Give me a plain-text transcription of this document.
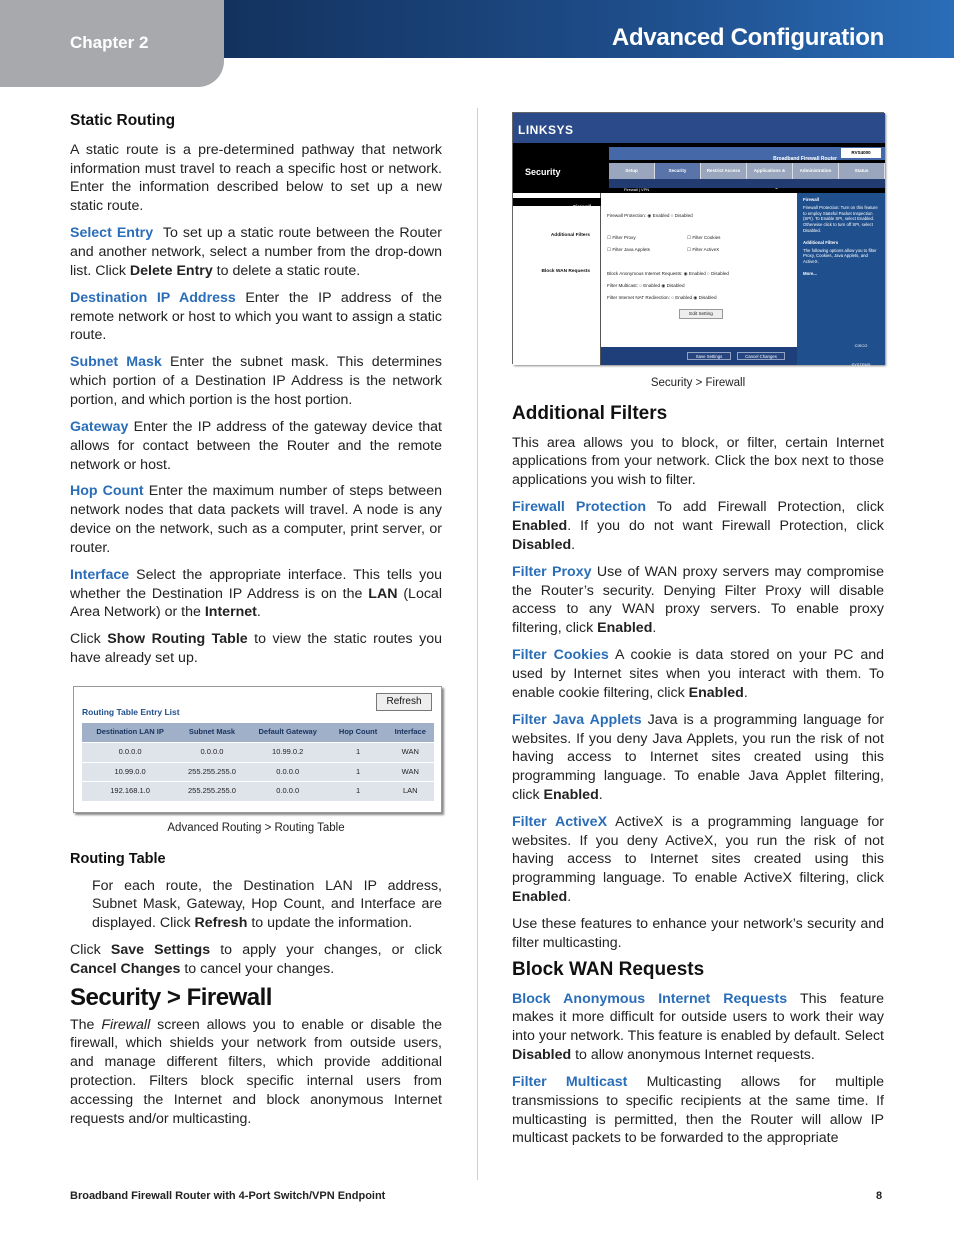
Chapter 2	Advanced Configuration
Static Routing

A static route is a pre-determined pathway that network information must travel to reach a specific host or network. Enter the information described below to set up a new static route.

Select Entry To set up a static route between the Router and another network, select a number from the drop-down list. Click Delete Entry to delete a static route.

Destination IP Address Enter the IP address of the remote network or host to which you want to assign a static route.

Subnet Mask Enter the subnet mask. This determines which portion of a Destination IP Address is the network portion, and which portion is the host portion.

Gateway Enter the IP address of the gateway device that allows for contact between the Router and the remote network or host.

Hop Count Enter the maximum number of steps between network nodes that data packets will travel. A node is any device on the network, such as a computer, print server, or router.

Interface Select the appropriate interface. This tells you whether the Destination IP Address is on the LAN (Local Area Network) or the Internet.

Click Show Routing Table to view the static routes you have already set up.

Routing Table Entry List
Refresh
Destination LAN IP	Subnet Mask	Default Gateway	Hop Count	Interface
0.0.0.0	0.0.0.0	10.99.0.2	1	WAN
10.99.0.0	255.255.255.0	0.0.0.0	1	WAN
192.168.1.0	255.255.255.0	0.0.0.0	1	LAN
Advanced Routing > Routing Table
Routing Table

For each route, the Destination LAN IP address, Subnet Mask, Gateway, Hop Count, and Interface are displayed. Click Refresh to update the information.

Click Save Settings to apply your changes, or click Cancel Changes to cancel your changes.

Security > Firewall

The Firewall screen allows you to enable or disable the firewall, which shields your network from outside users, and manage different filters, which provide additional protection. Filters block specific internal users from accessing the Internet and block anonymous Internet requests and/or multicasting.

LINKSYS
Security
Broadband Firewall Router
RVS4000
Setup	Security	Restrict Access	Applications &	Administration	Status
Firewall | VPN
Firewall
Additional Filters
Block WAN Requests
Firewall Protection: ◉ Enabled ○ Disabled
☐ Filter Proxy	☐ Filter Cookies
☐ Filter Java Applets	☐ Filter ActiveX
Block Anonymous Internet Requests: ◉ Enabled ○ Disabled
Filter Multicast: ○ Enabled ◉ Disabled
Filter Internet NAT Redirection: ○ Enabled ◉ Disabled
Edit Setting
Save Settings	Cancel Changes
Firewall
Firewall Protection: Turn on this feature to employ Stateful Packet Inspection (SPI). To Enable SPI, select Enabled. Otherwise click to turn off SPI, select Disabled.
Additional Filters
The following options allow you to filter Proxy, Cookies, Java Applets, and ActiveX.
More...
CISCO SYSTEMS
Security > Firewall
Additional Filters

This area allows you to block, or filter, certain Internet applications from your network. Click the box next to those applications you wish to filter.

Firewall Protection To add Firewall Protection, click Enabled. If you do not want Firewall Protection, click Disabled.

Filter Proxy Use of WAN proxy servers may compromise the Router’s security. Denying Filter Proxy will disable access to any WAN proxy servers. To enable proxy filtering, click Enabled.

Filter Cookies A cookie is data stored on your PC and used by Internet sites when you interact with them. To enable cookie filtering, click Enabled.

Filter Java Applets Java is a programming language for websites. If you deny Java Applets, you run the risk of not having access to Internet sites created using this programming language. To enable Java Applet filtering, click Enabled.

Filter ActiveX ActiveX is a programming language for websites. If you deny ActiveX, you run the risk of not having access to Internet sites created using this programming language. To enable ActiveX filtering, click Enabled.

Use these features to enhance your network’s security and filter multicasting.

Block WAN Requests

Block Anonymous Internet Requests This feature makes it more difficult for outside users to work their way into your network. This feature is enabled by default. Select Disabled to allow anonymous Internet requests.

Filter Multicast Multicasting allows for multiple transmissions to specific recipients at the same time. If multicasting is permitted, then the Router will allow IP multicast packets to be forwarded to the appropriate

Broadband Firewall Router with 4-Port Switch/VPN Endpoint	8
